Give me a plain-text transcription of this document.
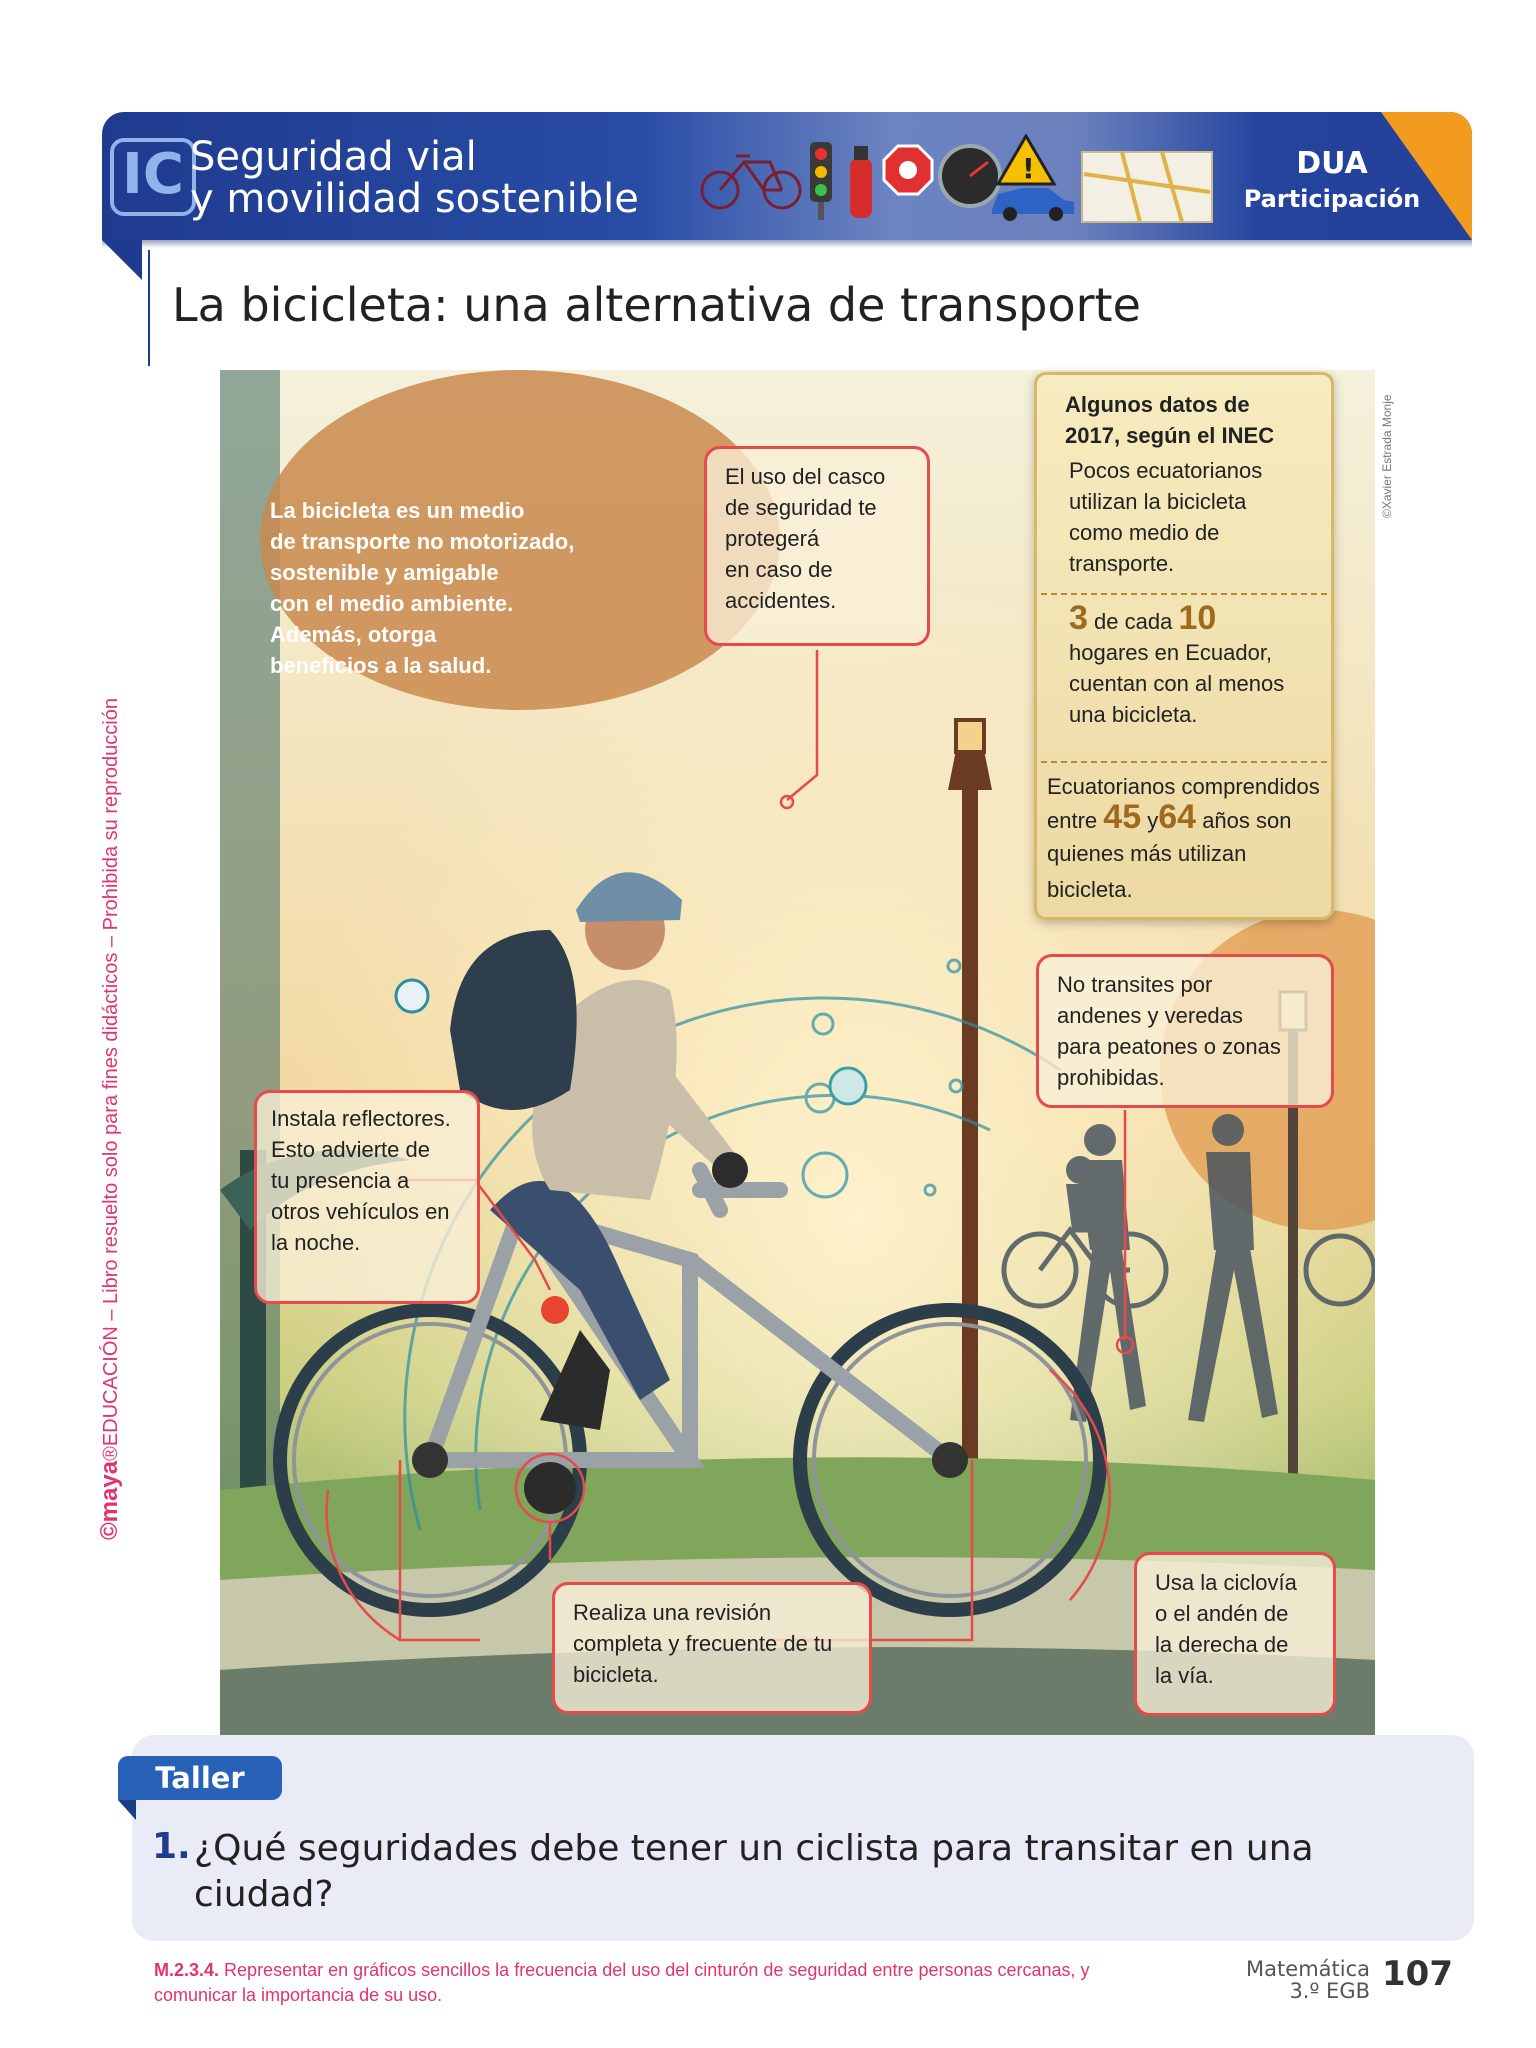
IC Seguridad vial
y movilidad sostenible
!	DUA
Participación
La bicicleta: una alternativa de transporte
©maya®EDUCACIÓN – Libro resuelto solo para fines didácticos – Prohibida su reproducción
©Xavier Estrada Monje
La bicicleta es un medio
de transporte no motorizado,
sostenible y amigable
con el medio ambiente.
Además, otorga
beneficios a la salud.
El uso del casco
de seguridad te
protegerá
en caso de
accidentes.
Instala reflectores.
Esto advierte de
tu presencia a
otros vehículos en
la noche.
No transites por
andenes y veredas
para peatones o zonas
prohibidas.
Realiza una revisión
completa y frecuente de tu
bicicleta.
Usa la ciclovía
o el andén de
la derecha de
la vía.
Algunos datos de
2017, según el INEC
Pocos ecuatorianos
utilizan la bicicleta
como medio de
transporte.
3 de cada 10
hogares en Ecuador,
cuentan con al menos
una bicicleta.
Ecuatorianos comprendidos
entre 45 y64 años son
quienes más utilizan
bicicleta.
Taller
1. ¿Qué seguridades debe tener un ciclista para transitar en una ciudad?
M.2.3.4. Representar en gráficos sencillos la frecuencia del uso del cinturón de seguridad entre personas cercanas, y comunicar la importancia de su uso.
Matemática
3.º EGB 107
